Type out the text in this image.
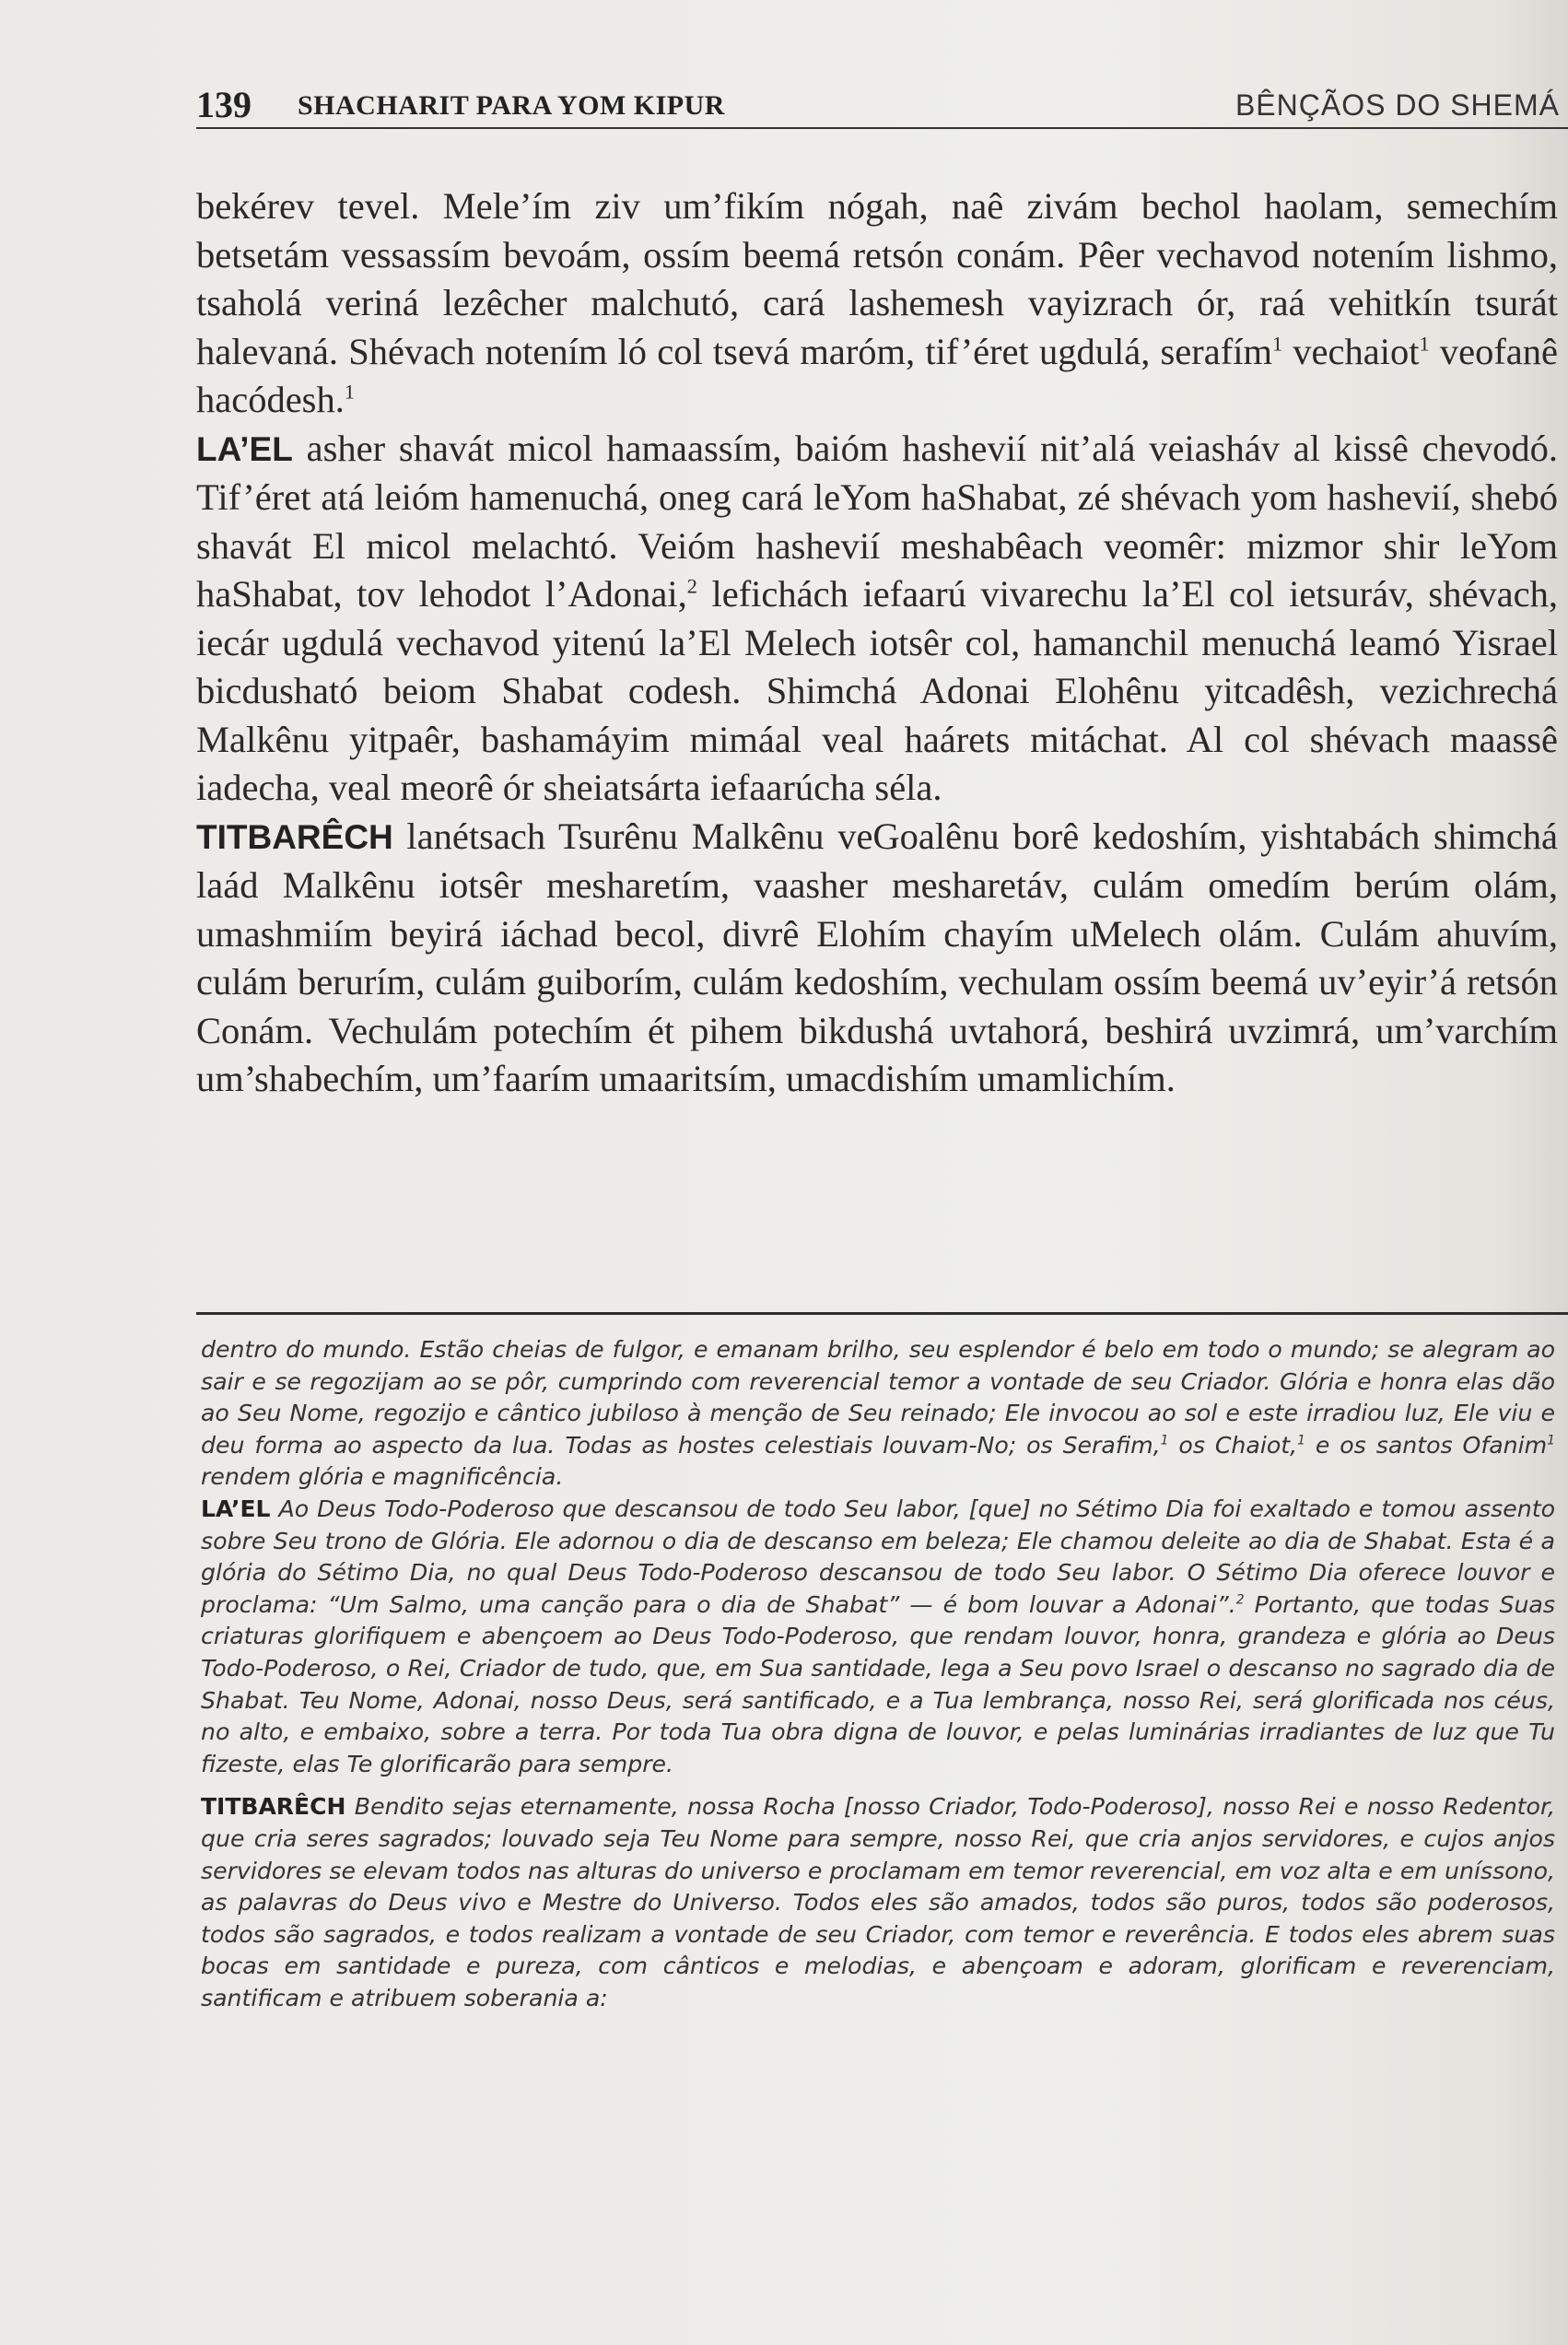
139 SHACHARIT PARA YOM KIPUR	BÊNÇÃOS DO SHEMÁ

bekérev tevel. Mele’ím ziv um’fikím nógah, naê zivám bechol haolam, semechím betsetám vessassím bevoám, ossím beemá retsón conám. Pêer vechavod notením lishmo, tsaholá veriná lezêcher malchutó, cará lashemesh vayizrach ór, raá vehitkín tsurát halevaná. Shévach notením ló col tsevá maróm, tif’éret ugdulá, serafím$^1$ vechaiot$^1$ veofanê hacódesh.$^1$

LA’EL asher shavát micol hamaassím, baióm hashevií nit’alá veiasháv al kissê chevodó. Tif’éret atá leióm hamenuchá, oneg cará leYom haShabat, zé shévach yom hashevií, shebó shavát El micol melachtó. Veióm hashevií meshabêach veomêr: mizmor shir leYom haShabat, tov lehodot l’Adonai,$^2$ lefichách iefaarú vivarechu la’El col ietsuráv, shévach, iecár ugdulá vechavod yitenú la’El Melech iotsêr col, hamanchil menuchá leamó Yisrael bicdusható beiom Shabat codesh. Shimchá Adonai Elohênu yitcadêsh, vezichrechá Malkênu yitpaêr, bashamáyim mimáal veal haárets mitáchat. Al col shévach maassê iadecha, veal meorê ór sheiatsárta iefaarúcha séla.

TITBARÊCH lanétsach Tsurênu Malkênu veGoalênu borê kedoshím, yishtabách shimchá laád Malkênu iotsêr mesharetím, vaasher mesharetáv, culám omedím berúm olám, umashmiím beyirá iáchad becol, divrê Elohím chayím uMelech olám. Culám ahuvím, culám berurím, culám guiborím, culám kedoshím, vechulam ossím beemá uv’eyir’á retsón Conám. Vechulám potechím ét pihem bikdushá uvtahorá, beshirá uvzimrá, um’varchím um’shabechím, um’faarím umaaritsím, umacdishím umamlichím.

dentro do mundo. Estão cheias de fulgor, e emanam brilho, seu esplendor é belo em todo o mundo; se alegram ao sair e se regozijam ao se pôr, cumprindo com reverencial temor a vontade de seu Criador. Glória e honra elas dão ao Seu Nome, regozijo e cântico jubiloso à menção de Seu reinado; Ele invocou ao sol e este irradiou luz, Ele viu e deu forma ao aspecto da lua. Todas as hostes celestiais louvam-No; os Serafim,$^1$ os Chaiot,$^1$ e os santos Ofanim$^1$ rendem glória e magnificência.

LA’EL Ao Deus Todo-Poderoso que descansou de todo Seu labor, [que] no Sétimo Dia foi exaltado e tomou assento sobre Seu trono de Glória. Ele adornou o dia de descanso em beleza; Ele chamou deleite ao dia de Shabat. Esta é a glória do Sétimo Dia, no qual Deus Todo-Poderoso descansou de todo Seu labor. O Sétimo Dia oferece louvor e proclama: “Um Salmo, uma canção para o dia de Shabat” — é bom louvar a Adonai”.$^2$ Portanto, que todas Suas criaturas glorifiquem e abençoem ao Deus Todo-Poderoso, que rendam louvor, honra, grandeza e glória ao Deus Todo-Poderoso, o Rei, Criador de tudo, que, em Sua santidade, lega a Seu povo Israel o descanso no sagrado dia de Shabat. Teu Nome, Adonai, nosso Deus, será santificado, e a Tua lembrança, nosso Rei, será glorificada nos céus, no alto, e embaixo, sobre a terra. Por toda Tua obra digna de louvor, e pelas luminárias irradiantes de luz que Tu fizeste, elas Te glorificarão para sempre.

TITBARÊCH Bendito sejas eternamente, nossa Rocha [nosso Criador, Todo-Poderoso], nosso Rei e nosso Redentor, que cria seres sagrados; louvado seja Teu Nome para sempre, nosso Rei, que cria anjos servidores, e cujos anjos servidores se elevam todos nas alturas do universo e proclamam em temor reverencial, em voz alta e em uníssono, as palavras do Deus vivo e Mestre do Universo. Todos eles são amados, todos são puros, todos são poderosos, todos são sagrados, e todos realizam a vontade de seu Criador, com temor e reverência. E todos eles abrem suas bocas em santidade e pureza, com cânticos e melodias, e abençoam e adoram, glorificam e reverenciam, santificam e atribuem soberania a:
